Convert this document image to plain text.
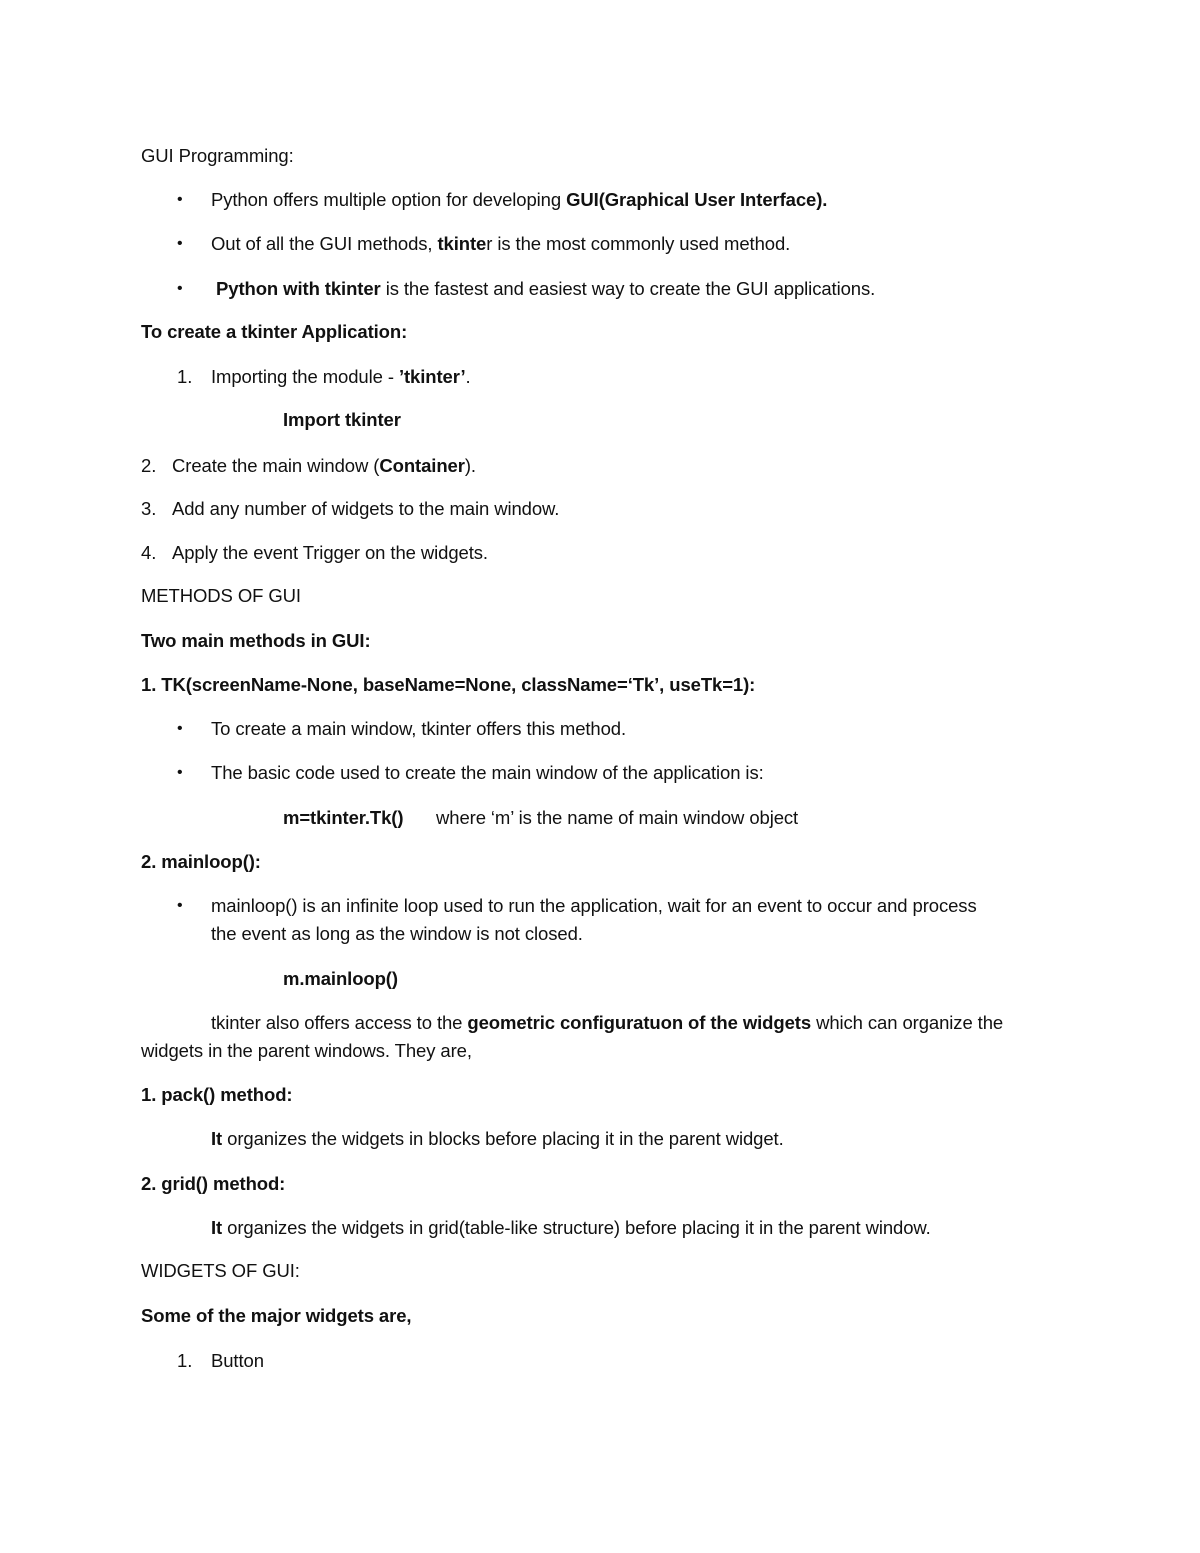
GUI Programming:
• Python offers multiple option for developing GUI(Graphical User Interface).
• Out of all the GUI methods, tkinter is the most commonly used method.
• Python with tkinter is the fastest and easiest way to create the GUI applications.
To create a tkinter Application:
1. Importing the module - ’tkinter’.
Import tkinter
2. Create the main window (Container).
3. Add any number of widgets to the main window.
4. Apply the event Trigger on the widgets.
METHODS OF GUI
Two main methods in GUI:
1. TK(screenName-None, baseName=None, className=‘Tk’, useTk=1):
• To create a main window, tkinter offers this method.
• The basic code used to create the main window of the application is:
m=tkinter.Tk() where ‘m’ is the name of main window object
2. mainloop():
• mainloop() is an infinite loop used to run the application, wait for an event to occur and process
the event as long as the window is not closed.
m.mainloop()
tkinter also offers access to the geometric configuratuon of the widgets which can organize the
widgets in the parent windows. They are,
1. pack() method:
It organizes the widgets in blocks before placing it in the parent widget.
2. grid() method:
It organizes the widgets in grid(table-like structure) before placing it in the parent window.
WIDGETS OF GUI:
Some of the major widgets are,
1. Button
